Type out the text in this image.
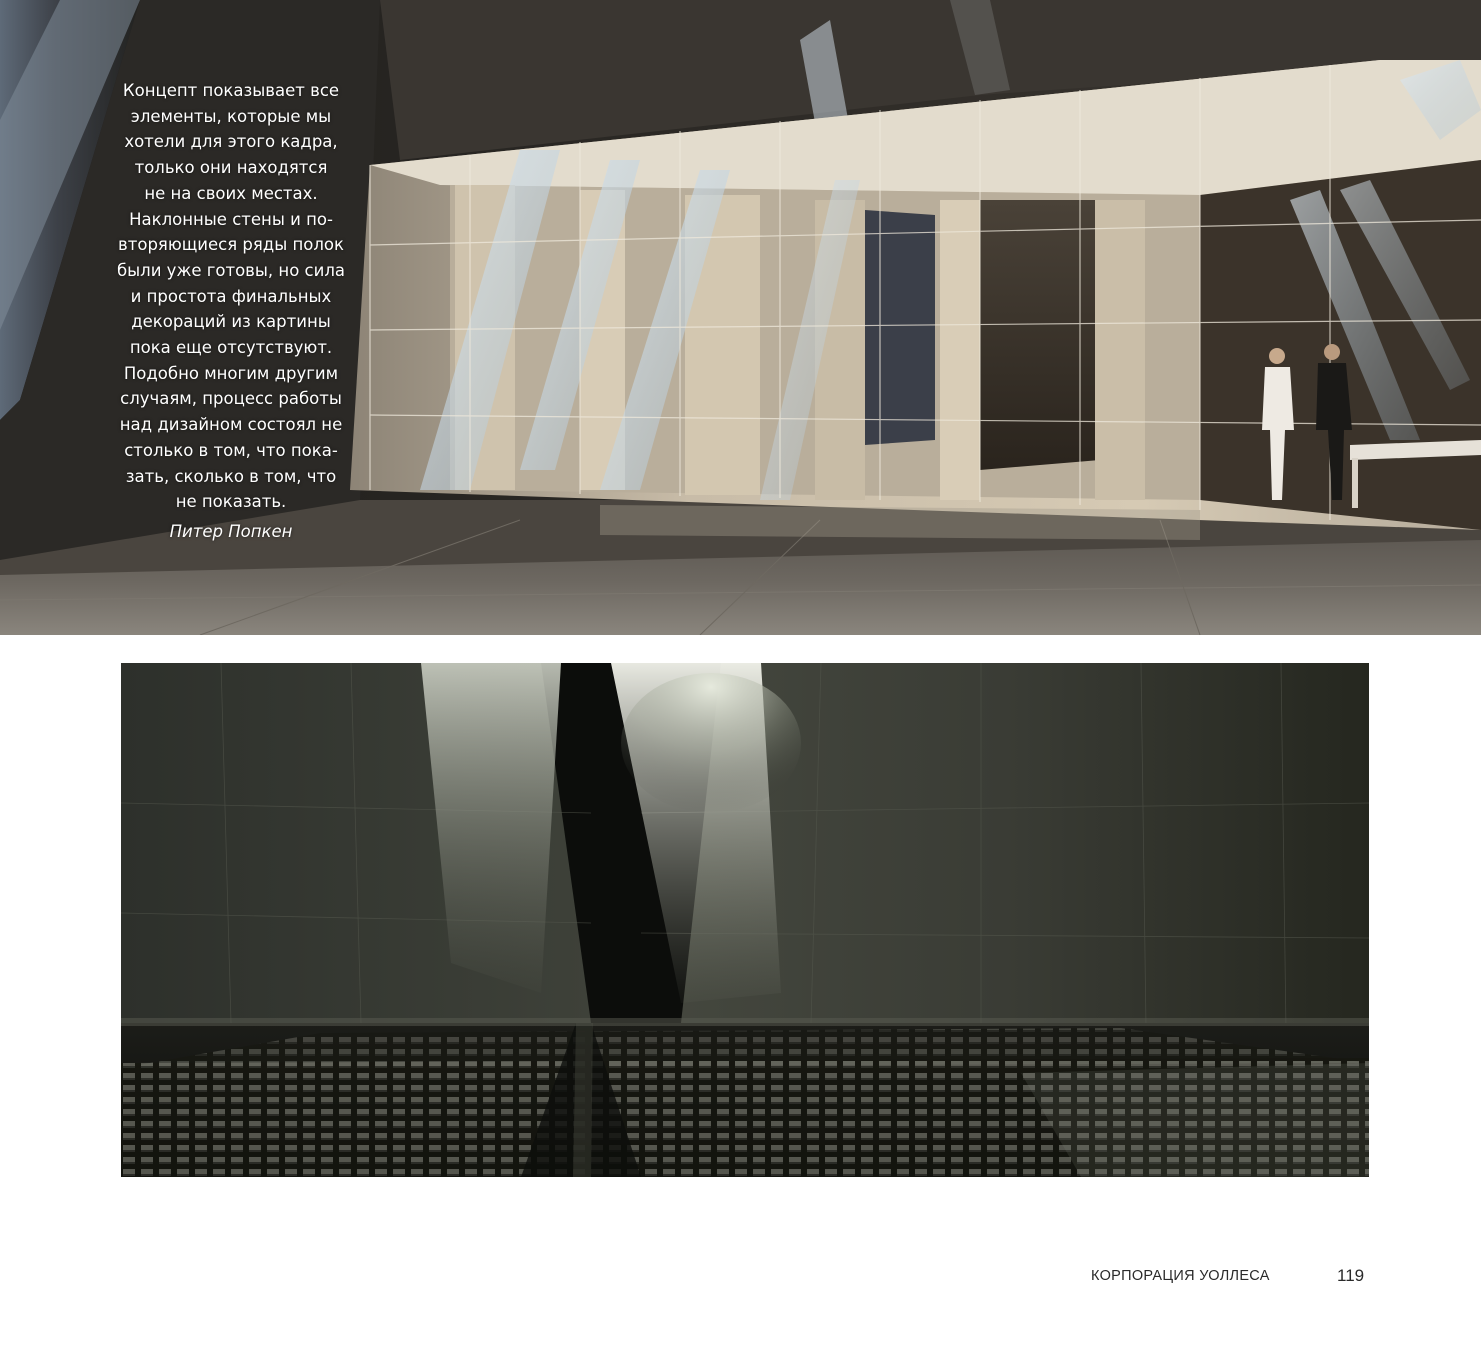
Концепт показывает все
элементы, которые мы
хотели для этого кадра,
только они находятся
не на своих местах.
Наклонные стены и по-
вторяющиеся ряды полок
были уже готовы, но сила
и простота финальных
декораций из картины
пока еще отсутствуют.
Подобно многим другим
случаям, процесс работы
над дизайном состоял не
столько в том, что пока-
зать, сколько в том, что
не показать.
Питер Попкен
КОРПОРАЦИЯ УОЛЛЕСА	119
